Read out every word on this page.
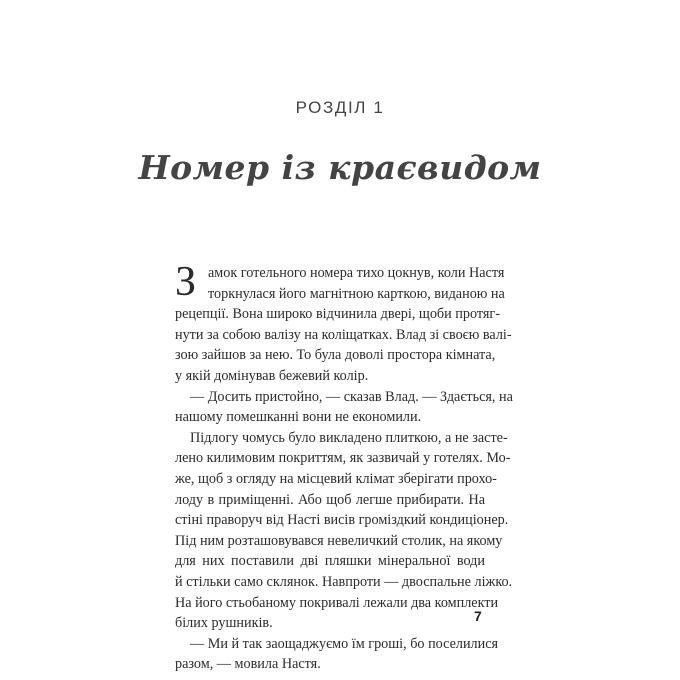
РОЗДІЛ 1
Номер із краєвидом
З амок готельного номера тихо цокнув, коли Настя
торкнулася його магнітною карткою, виданою на
рецепції. Вона широко відчинила двері, щоби протяг-
нути за собою валізу на коліщатках. Влад зі своєю валі-
зою зайшов за нею. То була доволі простора кімната,
у якій домінував бежевий колір.
— Досить пристойно, — сказав Влад. — Здається, на
нашому помешканні вони не економили.
Підлогу чомусь було викладено плиткою, а не засте-
лено килимовим покриттям, як зазвичай у готелях. Мо-
же, щоб з огляду на місцевий клімат зберігати прохо-
лоду в приміщенні. Або щоб легше прибирати. На
стіні праворуч від Насті висів громіздкий кондиціонер.
Під ним розташовувався невеличкий столик, на якому
для них поставили дві пляшки мінеральної води
й стільки само склянок. Навпроти — двоспальне ліжко.
На його стьобаному покривалі лежали два комплекти
білих рушників.
— Ми й так заощаджуємо їм гроші, бо поселилися
разом, — мовила Настя.
7
